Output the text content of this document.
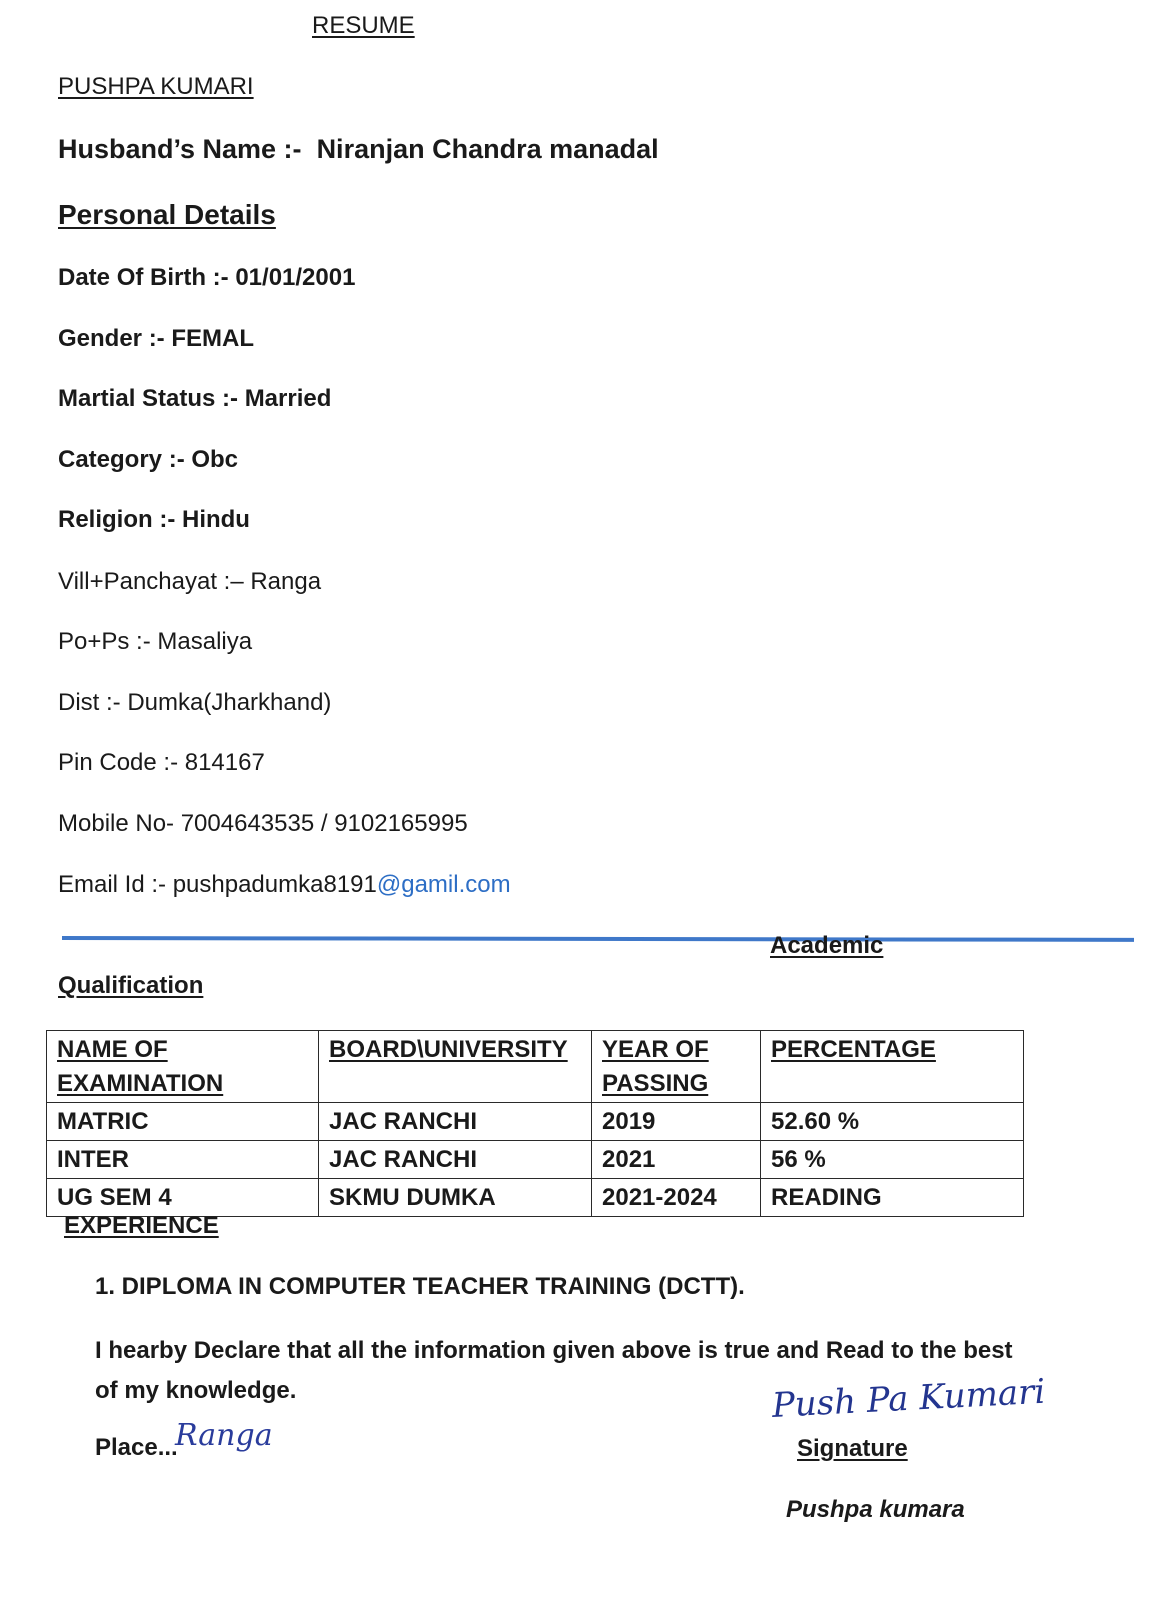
RESUME
PUSHPA KUMARI
Husband’s Name :- Niranjan Chandra manadal
Personal Details
Date Of Birth :- 01/01/2001
Gender :- FEMAL
Martial Status :- Married
Category :- Obc
Religion :- Hindu
Vill+Panchayat :– Ranga
Po+Ps :- Masaliya
Dist :- Dumka(Jharkhand)
Pin Code :- 814167
Mobile No- 7004643535 / 9102165995
Email Id :- pushpadumka8191@gamil.com
Academic
Qualification
NAME OF EXAMINATION	BOARD\UNIVERSITY	YEAR OF PASSING	PERCENTAGE
MATRIC	JAC RANCHI	2019	52.60 %
INTER	JAC RANCHI	2021	56 %
UG SEM 4	SKMU DUMKA	2021-2024	READING
EXPERIENCE
1. DIPLOMA IN COMPUTER TEACHER TRAINING (DCTT).
I hearby Declare that all the information given above is true and Read to the best of my knowledge.
Place...
Ranga
Push Pa Kumari
Signature
Pushpa kumara
